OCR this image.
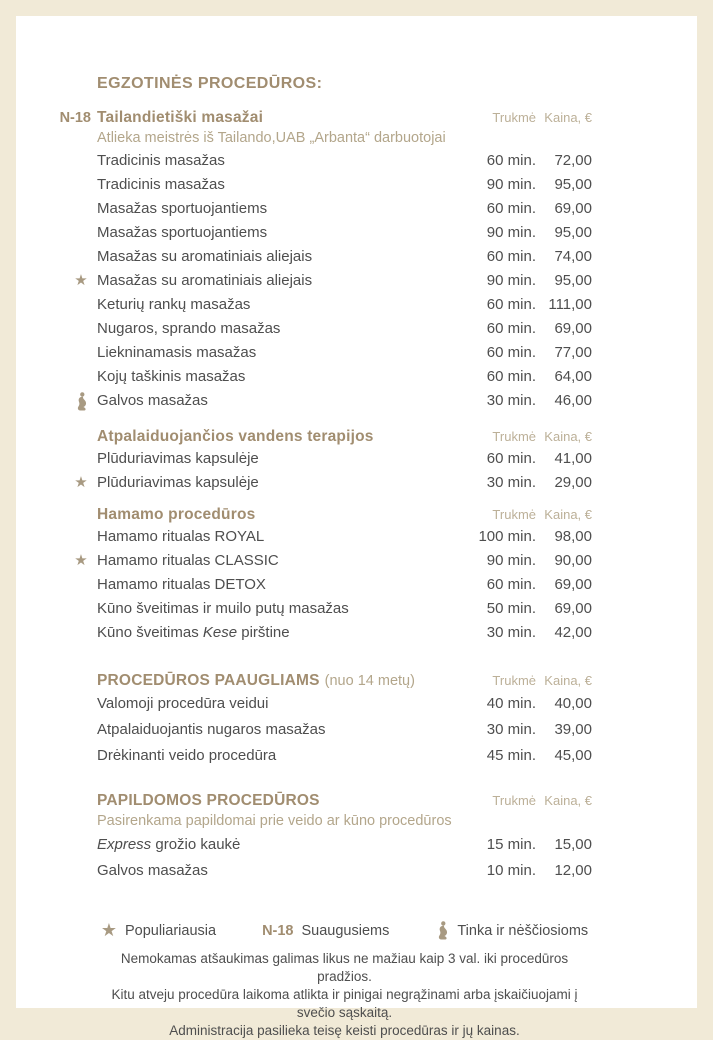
EGZOTINĖS PROCEDŪROS:
N-18 Tailandietiški masažai	Trukmė Kaina, €
Atlieka meistrės iš Tailando,UAB „Arbanta“ darbuotojai
Tradicinis masažas	60 min.	72,00
Tradicinis masažas	90 min.	95,00
Masažas sportuojantiems	60 min.	69,00
Masažas sportuojantiems	90 min.	95,00
Masažas su aromatiniais aliejais	60 min.	74,00
★ Masažas su aromatiniais aliejais	90 min.	95,00
Keturių rankų masažas	60 min. 111,00
Nugaros, sprando masažas	60 min.	69,00
Liekninamasis masažas	60 min.	77,00
Kojų taškinis masažas	60 min.	64,00
Galvos masažas	30 min.	46,00
Atpalaiduojančios vandens terapijos	Trukmė Kaina, €
Plūduriavimas kapsulėje	60 min.	41,00
★ Plūduriavimas kapsulėje	30 min.	29,00
Hamamo procedūros	Trukmė Kaina, €
Hamamo ritualas ROYAL	100 min.	98,00
★ Hamamo ritualas CLASSIC	90 min.	90,00
Hamamo ritualas DETOX	60 min.	69,00
Kūno šveitimas ir muilo putų masažas	50 min.	69,00
Kūno šveitimas Kese pirštine	30 min.	42,00
PROCEDŪROS PAAUGLIAMS (nuo 14 metų)	Trukmė Kaina, €
Valomoji procedūra veidui	40 min.	40,00
Atpalaiduojantis nugaros masažas	30 min.	39,00
Drėkinanti veido procedūra	45 min.	45,00
PAPILDOMOS PROCEDŪROS	Trukmė Kaina, €
Pasirenkama papildomai prie veido ar kūno procedūros
Express grožio kaukė	15 min.	15,00
Galvos masažas	10 min.	12,00
★ Populiariausia	N-18 Suaugusiems	Tinka ir nėščiosioms
Nemokamas atšaukimas galimas likus ne mažiau kaip 3 val. iki procedūros pradžios.
Kitu atveju procedūra laikoma atlikta ir pinigai negrąžinami arba įskaičiuojami į svečio sąskaitą.
Administracija pasilieka teisę keisti procedūras ir jų kainas.
